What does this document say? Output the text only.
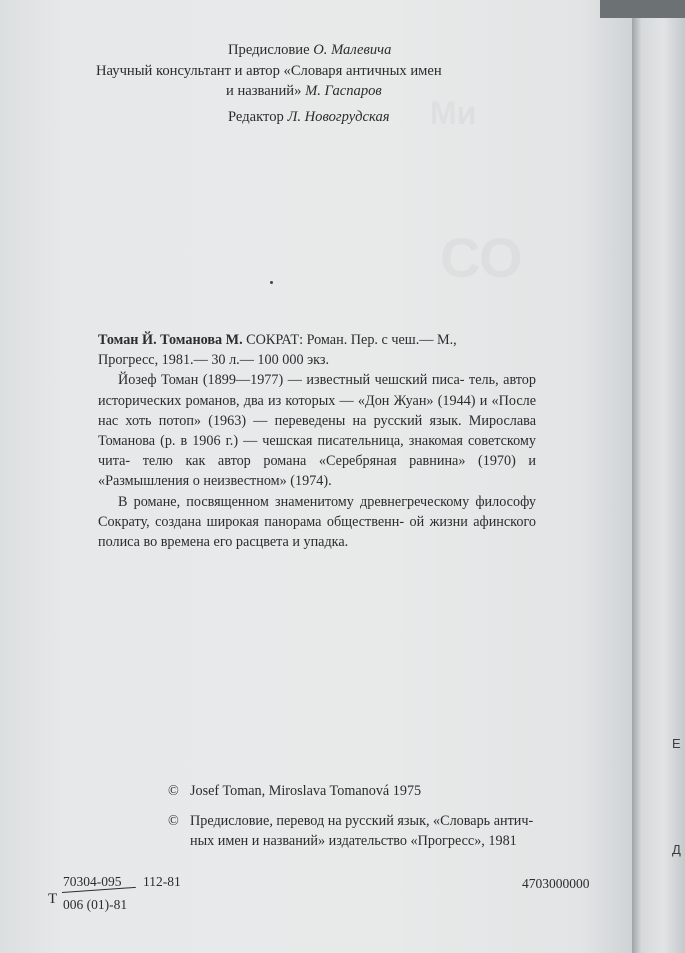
Ми
СО
Предисловие О. Малевича
Научный консультант и автор «Словаря античных имен
и названий» М. Гаспаров
Редактор Л. Новогрудская

Томан Й. Томанова М. СОКРАТ: Роман. Пер. с чеш.— М.,

Прогресс, 1981.— 30 л.— 100 000 экз.

Йозеф Томан (1899—1977) — известный чешский писа- тель, автор исторических романов, два из которых — «Дон Жуан» (1944) и «После нас хоть потоп» (1963) — переведены на русский язык. Мирослава Томанова (р. в 1906 г.) — чешская писательница, знакомая советскому чита- телю как автор романа «Серебряная равнина» (1970) и «Размышления о неизвестном» (1974).

В романе, посвященном знаменитому древнегреческому философу Сократу, создана широкая панорама общественн- ой жизни афинского полиса во времена его расцвета и упадка.

© Josef Toman, Miroslava Tomanová 1975
© Предисловие, перевод на русский язык, «Словарь антич-
ных имен и названий» издательство «Прогресс», 1981
Т
70304-095
006 (01)-81
112-81	4703000000
Е
Д
